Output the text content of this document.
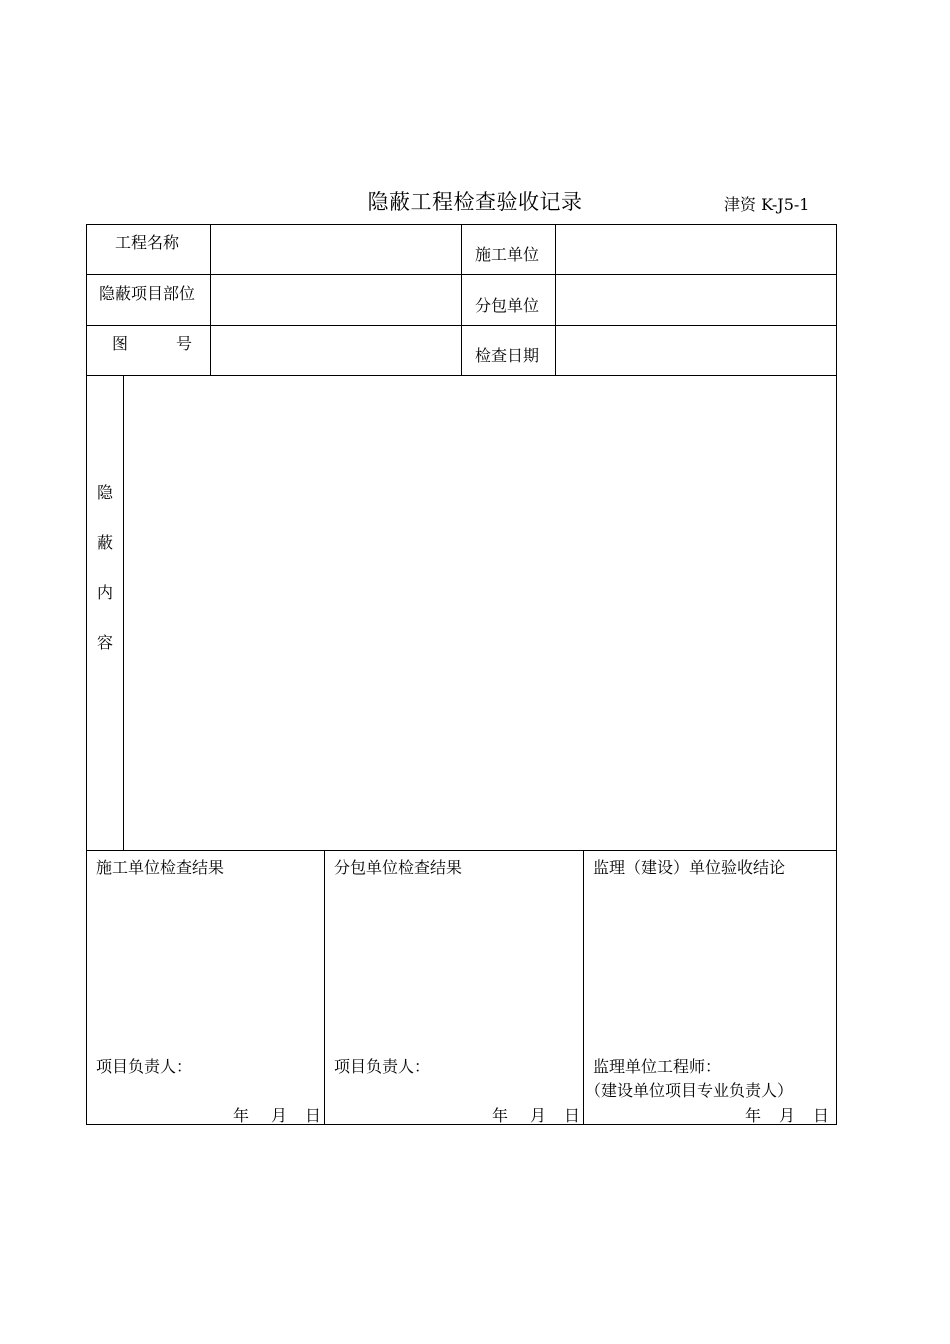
隐蔽工程检查验收记录	津资 K-J5-1
工程名称
施工单位
隐蔽项目部位
分包单位
图　　　号
检查日期
隐
蔽
内
容
施工单位检查结果
项目负责人：
年 月 日
分包单位检查结果
项目负责人：
年 月 日
监理（建设）单位验收结论
监理单位工程师：
（建设单位项目专业负责人）
年 月 日
